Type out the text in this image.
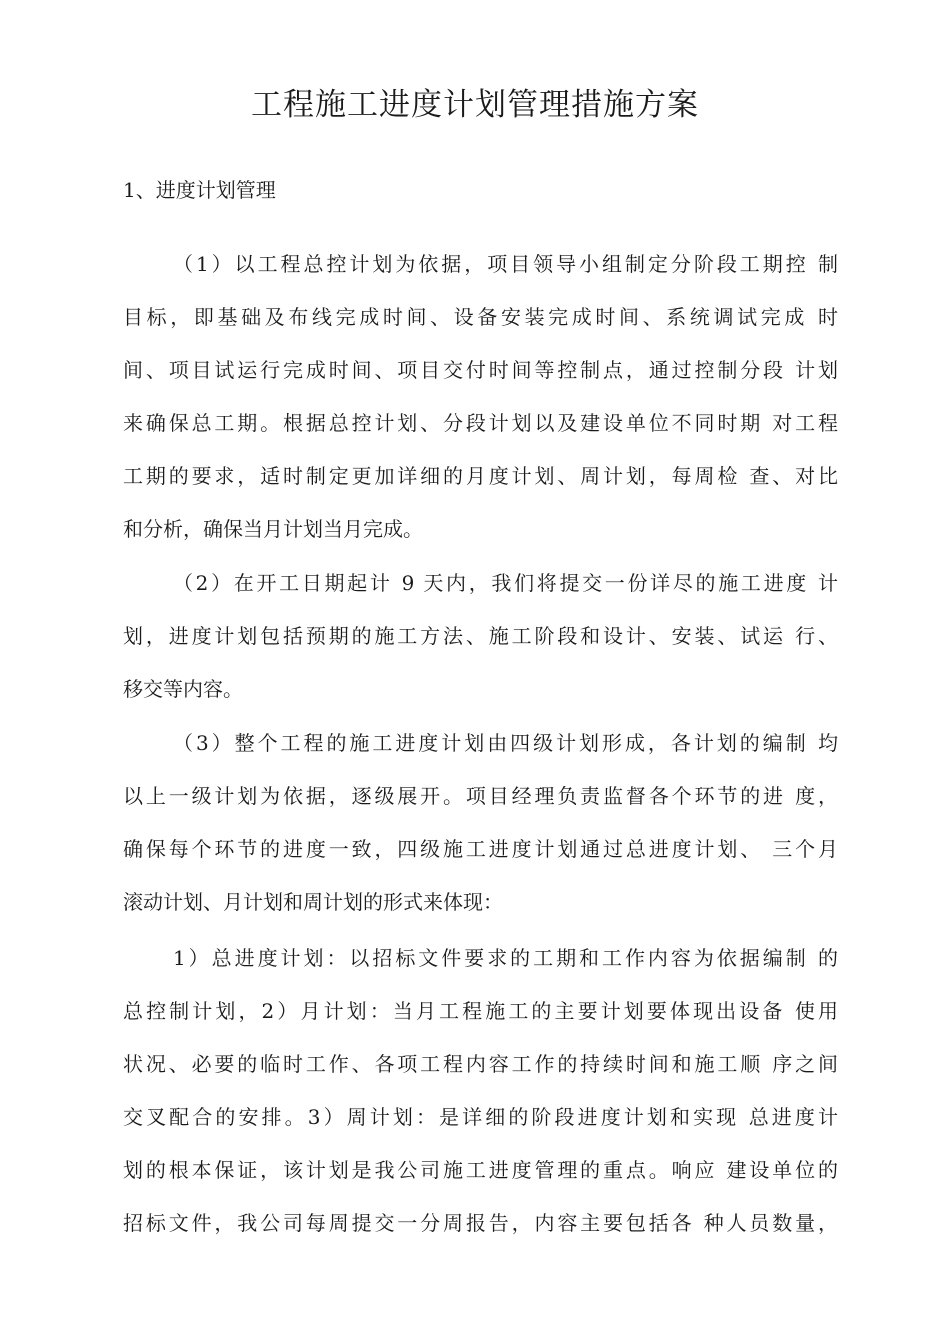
工程施工进度计划管理措施方案
1、进度计划管理
（1）以工程总控计划为依据，项目领导小组制定分阶段工期控 制
目标，即基础及布线完成时间、设备安装完成时间、系统调试完成 时
间、项目试运行完成时间、项目交付时间等控制点，通过控制分段 计划
来确保总工期。根据总控计划、分段计划以及建设单位不同时期 对工程
工期的要求，适时制定更加详细的月度计划、周计划，每周检 查、对比
和分析，确保当月计划当月完成。
（2）在开工日期起计 9 天内，我们将提交一份详尽的施工进度 计
划，进度计划包括预期的施工方法、施工阶段和设计、安装、试运 行、
移交等内容。
（3）整个工程的施工进度计划由四级计划形成，各计划的编制 均
以上一级计划为依据，逐级展开。项目经理负责监督各个环节的进 度，
确保每个环节的进度一致，四级施工进度计划通过总进度计划、 三个月
滚动计划、月计划和周计划的形式来体现：
1）总进度计划：以招标文件要求的工期和工作内容为依据编制 的
总控制计划，2）月计划：当月工程施工的主要计划要体现出设备 使用
状况、必要的临时工作、各项工程内容工作的持续时间和施工顺 序之间
交叉配合的安排。3）周计划：是详细的阶段进度计划和实现 总进度计
划的根本保证，该计划是我公司施工进度管理的重点。响应 建设单位的
招标文件，我公司每周提交一分周报告，内容主要包括各 种人员数量，
